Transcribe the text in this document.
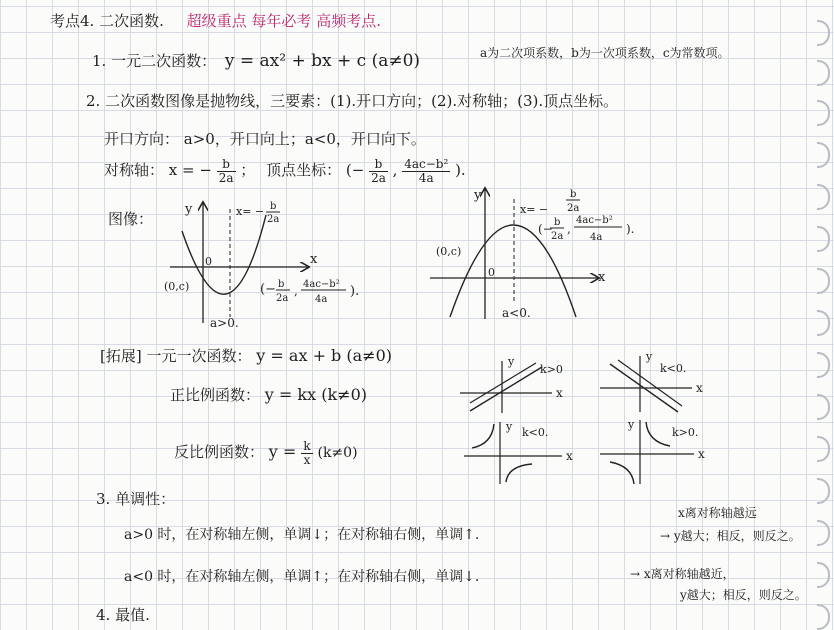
考点4. 二次函数. 超级重点 每年必考 高频考点.
1. 一元二次函数： y = ax² + bx + c (a≠0)	a为二次项系数，b为一次项系数，c为常数项。
2. 二次函数图像是抛物线，三要素：(1).开口方向；(2).对称轴；(3).顶点坐标。
开口方向： a>0，开口向上；a<0，开口向下。
对称轴： x = − $\frac{b}{2a}$ ； 顶点坐标： (− $\frac{b}{2a}$ , $\frac{\text{4ac−b²}}{4a}$ ).
图像：
y
x
x= − b
2a
0
(0,c)	(− b
2a
, 4ac−b²
4a
).
a>0.
y
x
x= −
b
2a
0
(0,c)
(− b
2a
,
4ac−b²
4a
).
a<0.
[拓展] 一元一次函数： y = ax + b (a≠0)
正比例函数： y = kx (k≠0)
反比例函数： $y = \frac{k}{x} (k\ne 0)$
y
x
k>0
y
x
k<0.
y
x
k<0.
y
x
k>0.
3. 单调性：
x离对称轴越远
a>0 时，在对称轴左侧，单调↓；在对称轴右侧，单调↑.	→ y越大；相反，则反之。
a<0 时，在对称轴左侧，单调↑；在对称轴右侧，单调↓.	→ x离对称轴越近，
y越大；相反，则反之。
4. 最值.
